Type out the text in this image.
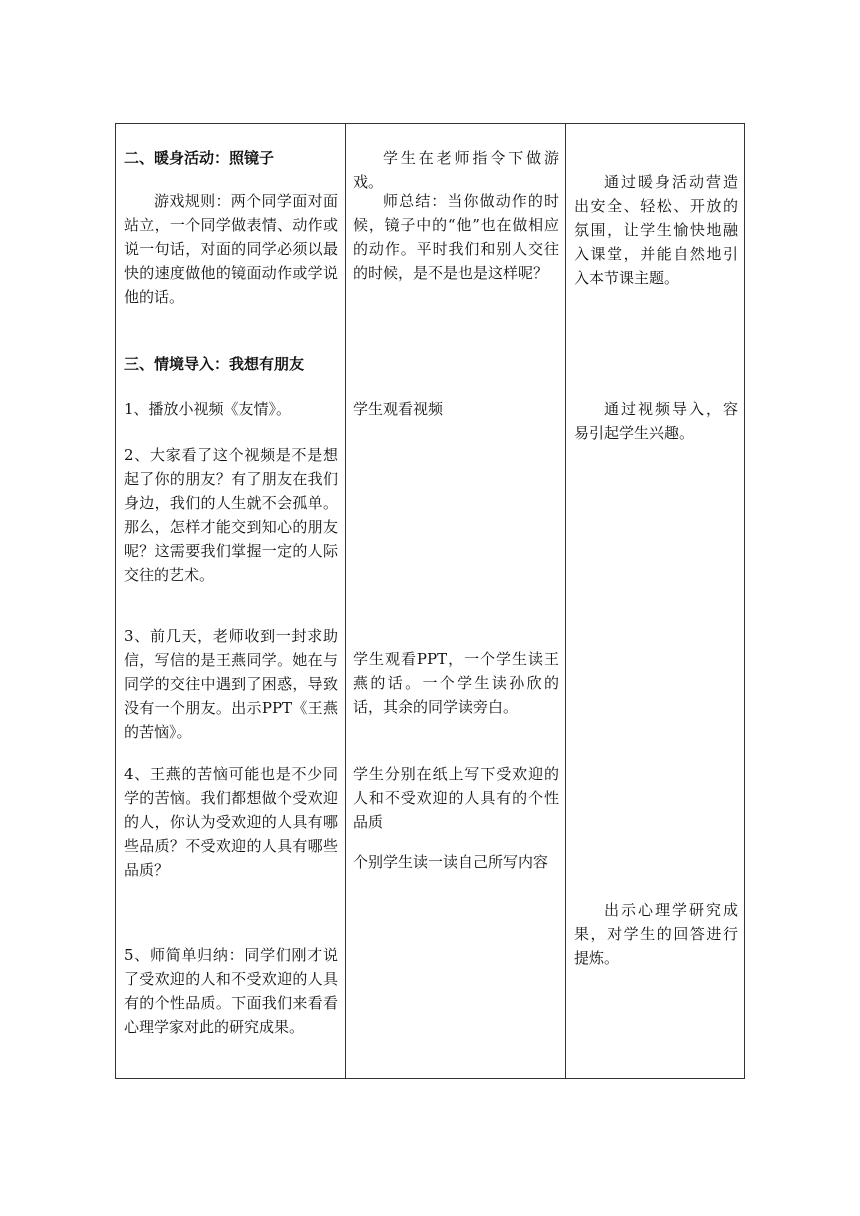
二、暖身活动：照镜子

游戏规则：两个同学面对面站立，一个同学做表情、动作或说一句话，对面的同学必须以最快的速度做他的镜面动作或学说他的话。

三、情境导入：我想有朋友

1、播放小视频《友情》。

2、大家看了这个视频是不是想起了你的朋友？有了朋友在我们身边，我们的人生就不会孤单。那么，怎样才能交到知心的朋友呢？这需要我们掌握一定的人际交往的艺术。

3、前几天，老师收到一封求助信，写信的是王燕同学。她在与同学的交往中遇到了困惑，导致没有一个朋友。出示PPT《王燕的苦恼》。

4、王燕的苦恼可能也是不少同学的苦恼。我们都想做个受欢迎的人，你认为受欢迎的人具有哪些品质？不受欢迎的人具有哪些品质？

5、师简单归纳：同学们刚才说了受欢迎的人和不受欢迎的人具有的个性品质。下面我们来看看心理学家对此的研究成果。

学生在老师指令下做游戏。

师总结：当你做动作的时候，镜子中的“他”也在做相应的动作。平时我们和别人交往的时候，是不是也是这样呢？

学生观看视频

学生观看PPT，一个学生读王燕的话。一个学生读孙欣的话，其余的同学读旁白。

学生分别在纸上写下受欢迎的人和不受欢迎的人具有的个性品质

个别学生读一读自己所写内容

通过暖身活动营造出安全、轻松、开放的氛围，让学生愉快地融入课堂，并能自然地引入本节课主题。

通过视频导入，容易引起学生兴趣。

出示心理学研究成果，对学生的回答进行提炼。
